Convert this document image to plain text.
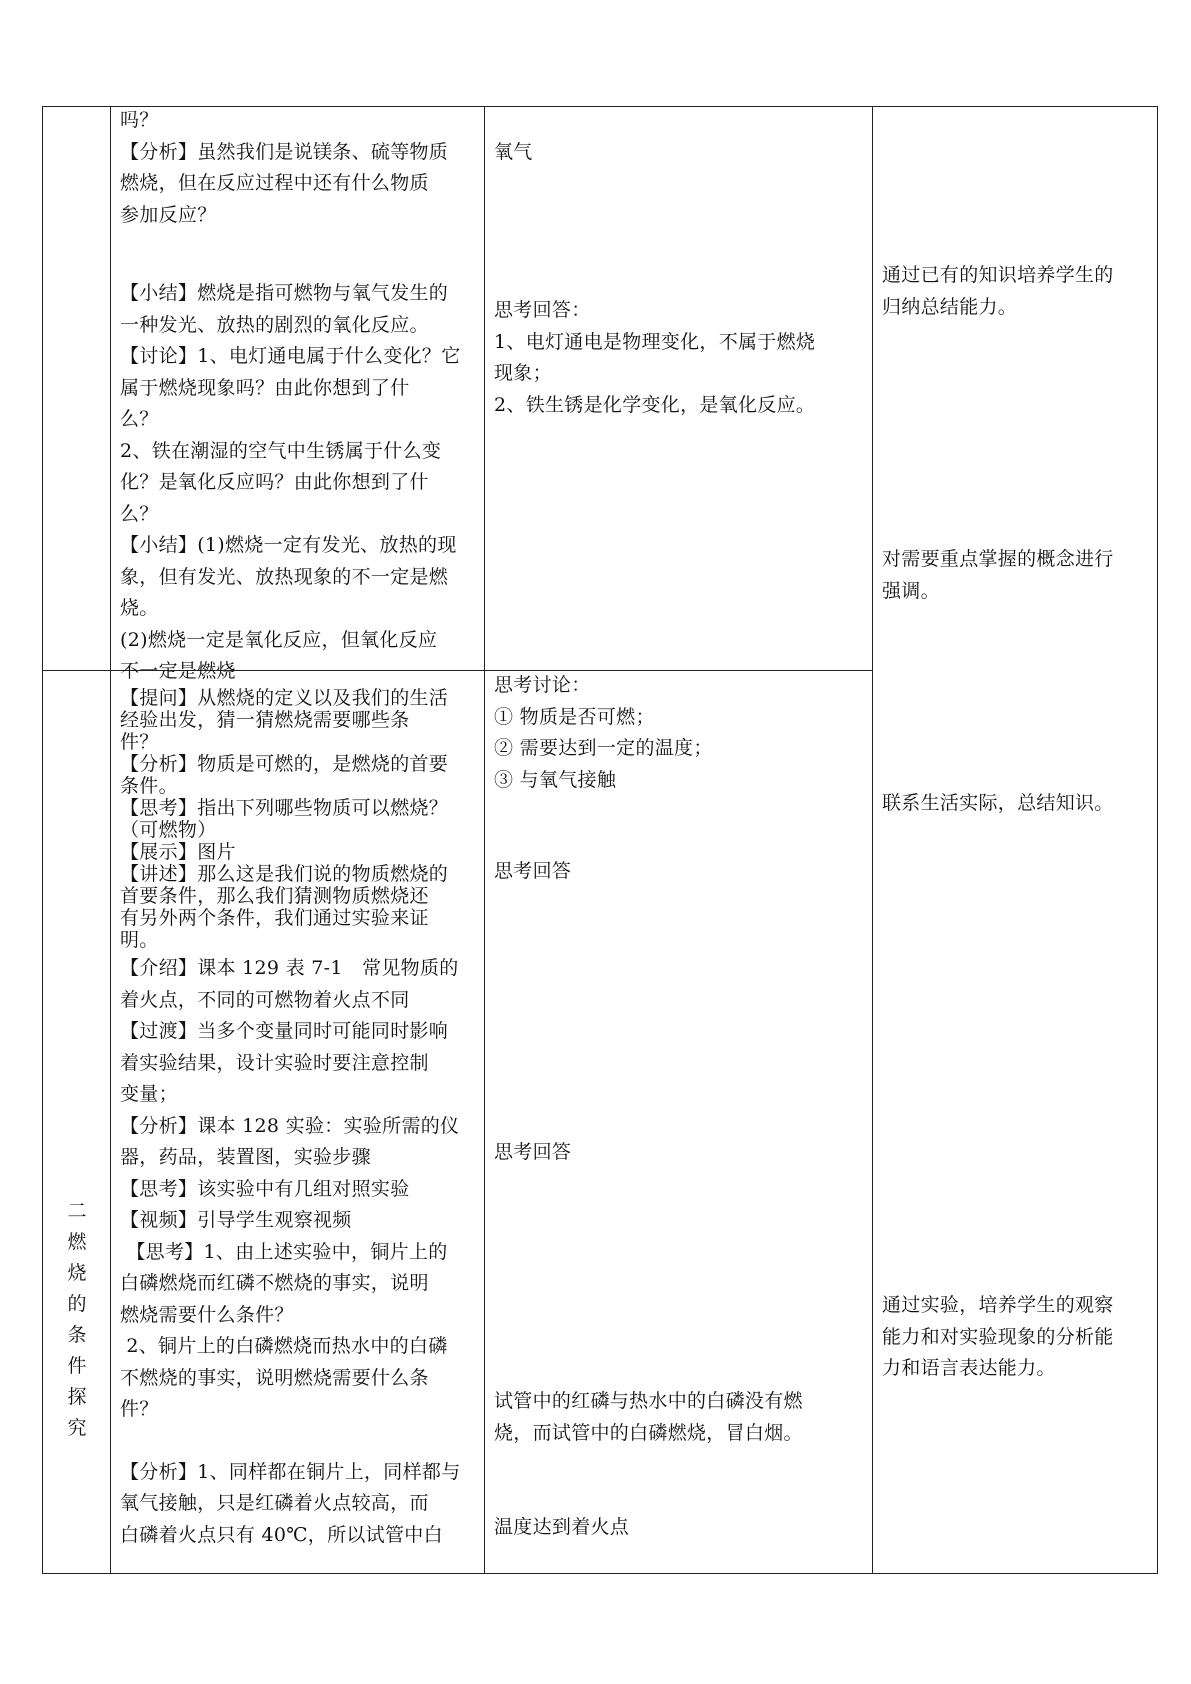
吗？

【分析】虽然我们是说镁条、硫等物质

燃烧，但在反应过程中还有什么物质

参加反应？

【小结】燃烧是指可燃物与氧气发生的

一种发光、放热的剧烈的氧化反应。

【讨论】1、电灯通电属于什么变化？它

属于燃烧现象吗？由此你想到了什

么？

2、铁在潮湿的空气中生锈属于什么变

化？是氧化反应吗？由此你想到了什

么？

【小结】(1)燃烧一定有发光、放热的现

象，但有发光、放热现象的不一定是燃

烧。

(2)燃烧一定是氧化反应，但氧化反应

不一定是燃烧

氧气

思考回答：

1、电灯通电是物理变化，不属于燃烧

现象；

2、铁生锈是化学变化，是氧化反应。

二
燃
烧
的
条
件
探
究

【提问】从燃烧的定义以及我们的生活

经验出发，猜一猜燃烧需要哪些条

件？

【分析】物质是可燃的，是燃烧的首要

条件。

【思考】指出下列哪些物质可以燃烧？

（可燃物）

【展示】图片

【讲述】那么这是我们说的物质燃烧的

首要条件，那么我们猜测物质燃烧还

有另外两个条件，我们通过实验来证

明。

【介绍】课本 129 表 7-1　常见物质的

着火点，不同的可燃物着火点不同

【过渡】当多个变量同时可能同时影响

着实验结果，设计实验时要注意控制

变量；

【分析】课本 128 实验：实验所需的仪

器，药品，装置图，实验步骤

【思考】该实验中有几组对照实验

【视频】引导学生观察视频

【思考】1、由上述实验中，铜片上的

白磷燃烧而红磷不燃烧的事实，说明

燃烧需要什么条件？

2、铜片上的白磷燃烧而热水中的白磷

不燃烧的事实，说明燃烧需要什么条

件？

【分析】1、同样都在铜片上，同样都与

氧气接触，只是红磷着火点较高，而

白磷着火点只有 40℃，所以试管中白

思考讨论：

① 物质是否可燃；

② 需要达到一定的温度；

③ 与氧气接触

思考回答

思考回答

试管中的红磷与热水中的白磷没有燃

烧，而试管中的白磷燃烧，冒白烟。

温度达到着火点

通过已有的知识培养学生的

归纳总结能力。

对需要重点掌握的概念进行

强调。

联系生活实际，总结知识。

通过实验，培养学生的观察

能力和对实验现象的分析能

力和语言表达能力。
